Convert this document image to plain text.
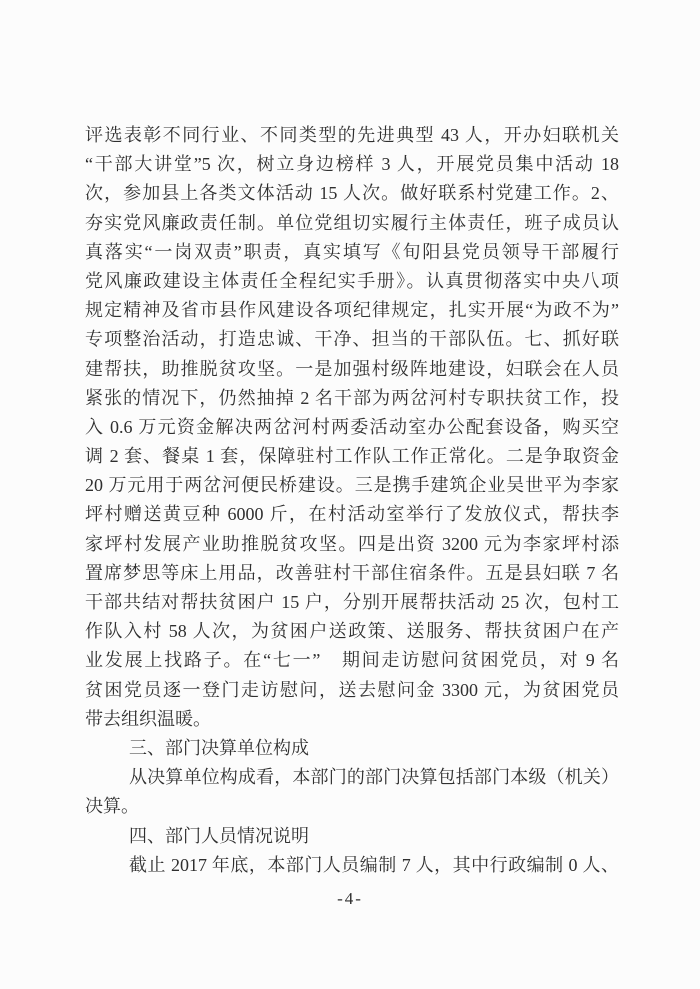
评选表彰不同行业、不同类型的先进典型 43 人，开办妇联机关
“干部大讲堂”5 次，树立身边榜样 3 人，开展党员集中活动 18
次，参加县上各类文体活动 15 人次。做好联系村党建工作。2、
夯实党风廉政责任制。单位党组切实履行主体责任，班子成员认
真落实“一岗双责”职责，真实填写《旬阳县党员领导干部履行
党风廉政建设主体责任全程纪实手册》。认真贯彻落实中央八项
规定精神及省市县作风建设各项纪律规定，扎实开展“为政不为”
专项整治活动，打造忠诚、干净、担当的干部队伍。七、抓好联
建帮扶，助推脱贫攻坚。一是加强村级阵地建设，妇联会在人员
紧张的情况下，仍然抽掉 2 名干部为两岔河村专职扶贫工作，投
入 0.6 万元资金解决两岔河村两委活动室办公配套设备，购买空
调 2 套、餐桌 1 套，保障驻村工作队工作正常化。二是争取资金
20 万元用于两岔河便民桥建设。三是携手建筑企业吴世平为李家
坪村赠送黄豆种 6000 斤，在村活动室举行了发放仪式，帮扶李
家坪村发展产业助推脱贫攻坚。四是出资 3200 元为李家坪村添
置席梦思等床上用品，改善驻村干部住宿条件。五是县妇联 7 名
干部共结对帮扶贫困户 15 户，分别开展帮扶活动 25 次，包村工
作队入村 58 人次，为贫困户送政策、送服务、帮扶贫困户在产
业发展上找路子。在“七一”　期间走访慰问贫困党员，对 9 名
贫困党员逐一登门走访慰问，送去慰问金 3300 元，为贫困党员
带去组织温暖。
三、部门决算单位构成
从决算单位构成看，本部门的部门决算包括部门本级（机关）
决算。
四、部门人员情况说明
截止 2017 年底，本部门人员编制 7 人，其中行政编制 0 人、
-4-
